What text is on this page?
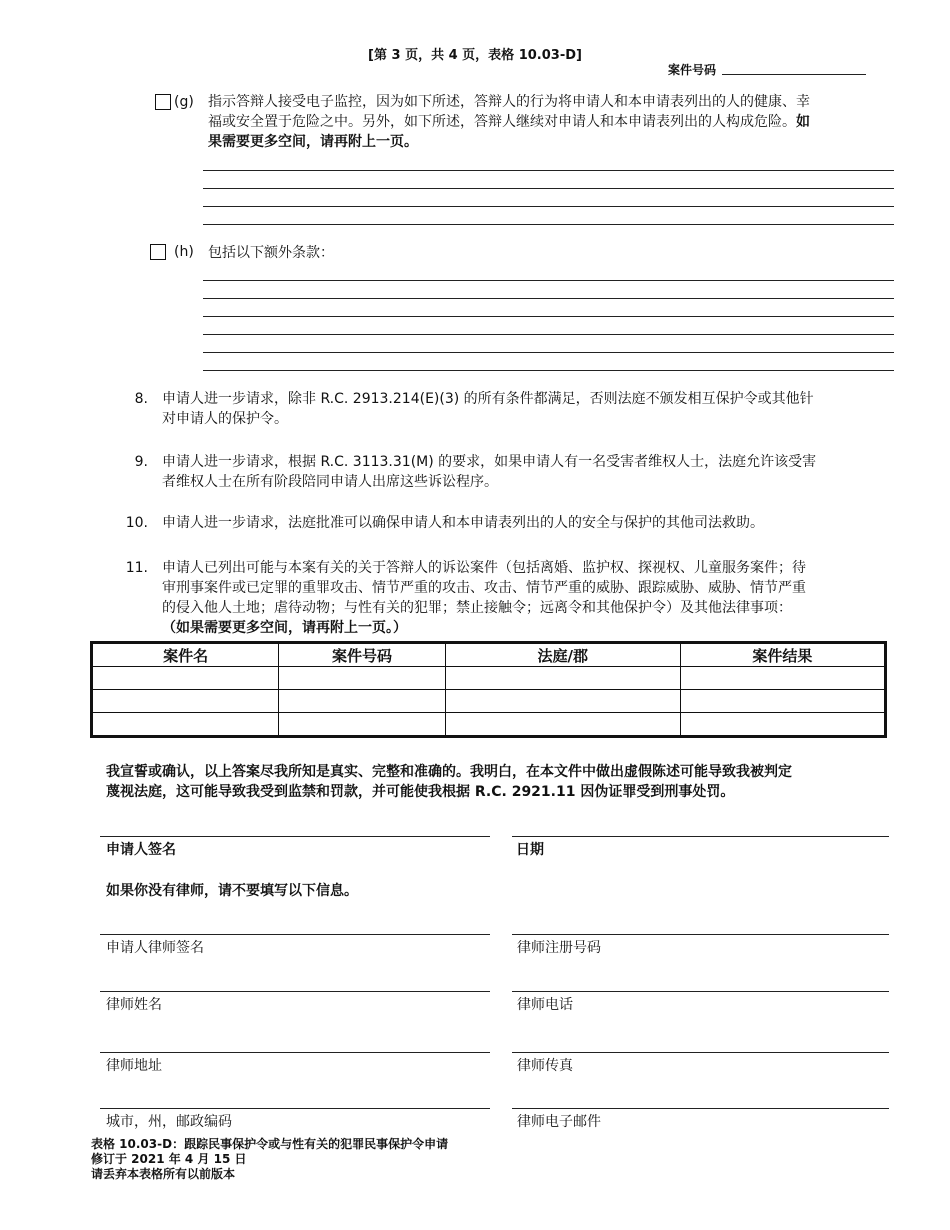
[第 3 页，共 4 页，表格 10.03-D]
案件号码
(g) 指示答辩人接受电子监控，因为如下所述，答辩人的行为将申请人和本申请表列出的人的健康、幸
福或安全置于危险之中。另外，如下所述，答辩人继续对申请人和本申请表列出的人构成危险。如
果需要更多空间，请再附上一页。
(h) 包括以下额外条款：
8. 申请人进一步请求，除非 R.C. 2913.214(E)(3) 的所有条件都满足，否则法庭不颁发相互保护令或其他针
对申请人的保护令。
9. 申请人进一步请求，根据 R.C. 3113.31(M) 的要求，如果申请人有一名受害者维权人士，法庭允许该受害
者维权人士在所有阶段陪同申请人出席这些诉讼程序。
10. 申请人进一步请求，法庭批准可以确保申请人和本申请表列出的人的安全与保护的其他司法救助。
11. 申请人已列出可能与本案有关的关于答辩人的诉讼案件（包括离婚、监护权、探视权、儿童服务案件；待
审刑事案件或已定罪的重罪攻击、情节严重的攻击、攻击、情节严重的威胁、跟踪威胁、威胁、情节严重
的侵入他人土地；虐待动物；与性有关的犯罪；禁止接触令；远离令和其他保护令）及其他法律事项：
（如果需要更多空间，请再附上一页。）
案件名	案件号码	法庭/郡	案件结果

我宣誓或确认，以上答案尽我所知是真实、完整和准确的。我明白，在本文件中做出虚假陈述可能导致我被判定
蔑视法庭，这可能导致我受到监禁和罚款，并可能使我根据 R.C. 2921.11 因伪证罪受到刑事处罚。
申请人签名	日期
如果你没有律师，请不要填写以下信息。
申请人律师签名	律师注册号码
律师姓名	律师电话
律师地址	律师传真
城市，州，邮政编码	律师电子邮件
表格 10.03-D：跟踪民事保护令或与性有关的犯罪民事保护令申请
修订于 2021 年 4 月 15 日
请丢弃本表格所有以前版本
